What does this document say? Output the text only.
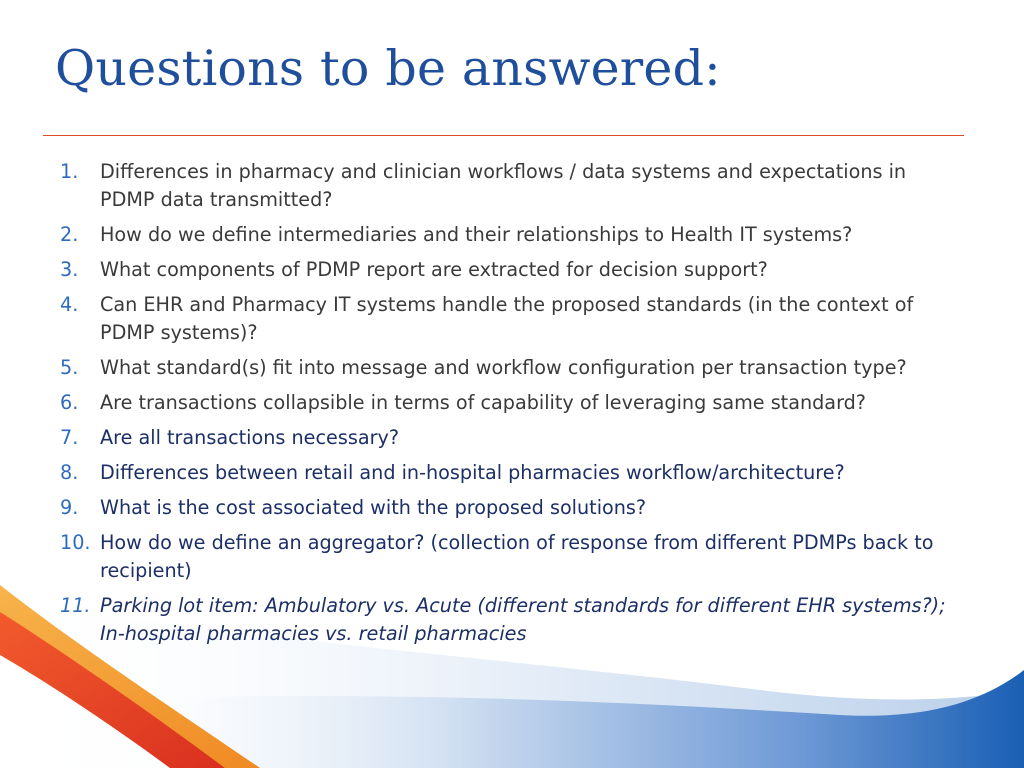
Questions to be answered:
1.	Differences in pharmacy and clinician workflows / data systems and expectations in PDMP data transmitted?
2.	How do we define intermediaries and their relationships to Health IT systems?
3.	What components of PDMP report are extracted for decision support?
4.	Can EHR and Pharmacy IT systems handle the proposed standards (in the context of PDMP systems)?
5.	What standard(s) fit into message and workflow configuration per transaction type?
6.	Are transactions collapsible in terms of capability of leveraging same standard?
7.	Are all transactions necessary?
8.	Differences between retail and in-hospital pharmacies workflow/architecture?
9.	What is the cost associated with the proposed solutions?
10. How do we define an aggregator? (collection of response from different PDMPs back to recipient)
11. Parking lot item: Ambulatory vs. Acute (different standards for different EHR systems?); In-hospital pharmacies vs. retail pharmacies
